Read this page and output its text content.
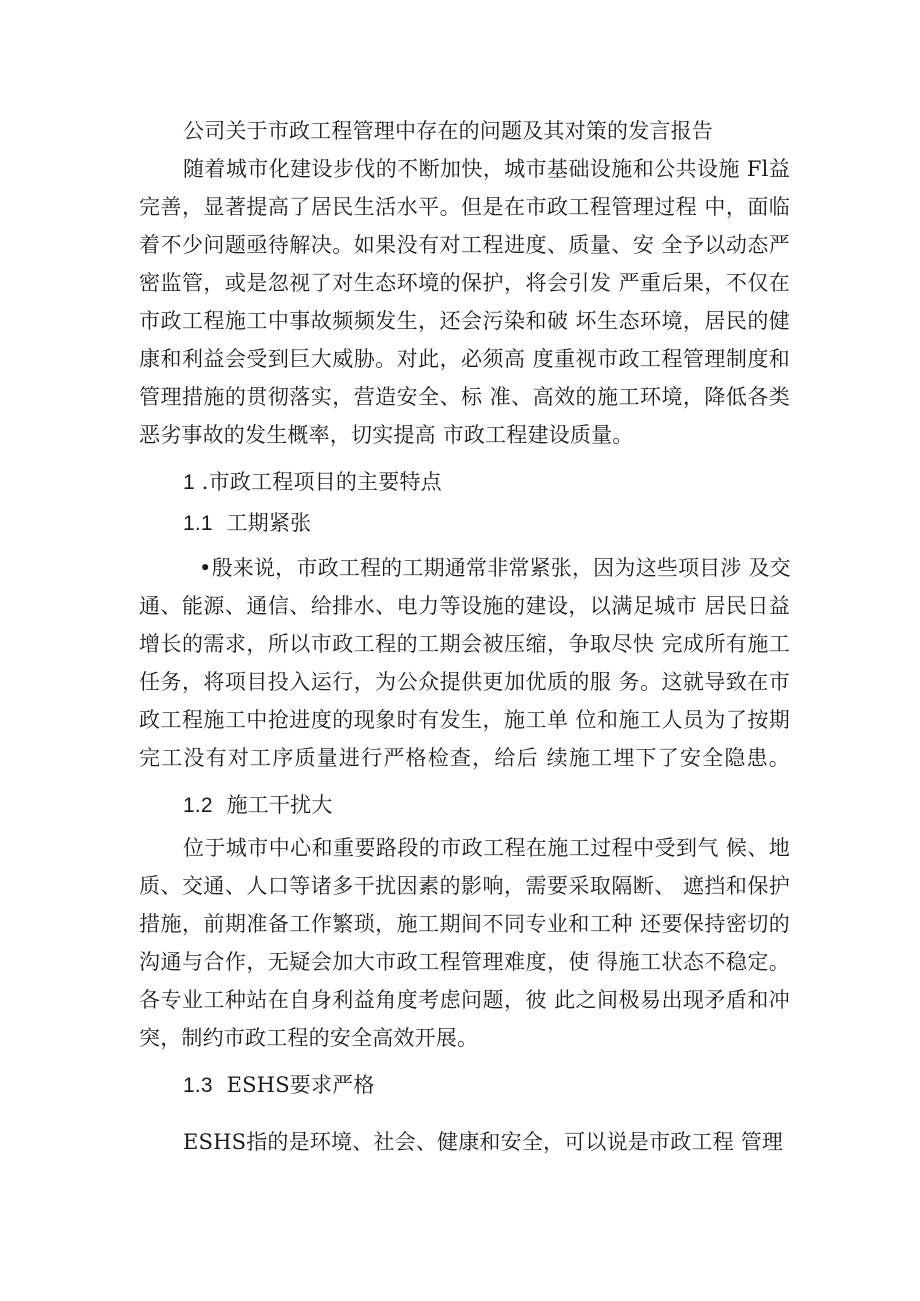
公司关于市政工程管理中存在的问题及其对策的发言报告

随着城市化建设步伐的不断加快，城市基础设施和公共设施 Fl益

完善，显著提高了居民生活水平。但是在市政工程管理过程 中，面临

着不少问题亟待解决。如果没有对工程进度、质量、安 全予以动态严

密监管，或是忽视了对生态环境的保护，将会引发 严重后果，不仅在

市政工程施工中事故频频发生，还会污染和破 坏生态环境，居民的健

康和利益会受到巨大威胁。对此，必须高 度重视市政工程管理制度和

管理措施的贯彻落实，营造安全、标 准、高效的施工环境，降低各类

恶劣事故的发生概率，切实提高 市政工程建设质量。

1 .市政工程项目的主要特点

1.1 工期紧张

•殷来说，市政工程的工期通常非常紧张，因为这些项目涉 及交

通、能源、通信、给排水、电力等设施的建设，以满足城市 居民日益

增长的需求，所以市政工程的工期会被压缩，争取尽快 完成所有施工

任务，将项目投入运行，为公众提供更加优质的服 务。这就导致在市

政工程施工中抢进度的现象时有发生，施工单 位和施工人员为了按期

完工没有对工序质量进行严格检查，给后 续施工埋下了安全隐患。

1.2 施工干扰大

位于城市中心和重要路段的市政工程在施工过程中受到气 候、地

质、交通、人口等诸多干扰因素的影响，需要采取隔断、 遮挡和保护

措施，前期准备工作繁琐，施工期间不同专业和工种 还要保持密切的

沟通与合作，无疑会加大市政工程管理难度，使 得施工状态不稳定。

各专业工种站在自身利益角度考虑问题，彼 此之间极易出现矛盾和冲

突，制约市政工程的安全高效开展。

1.3 ESHS要求严格

ESHS指的是环境、社会、健康和安全，可以说是市政工程 管理
